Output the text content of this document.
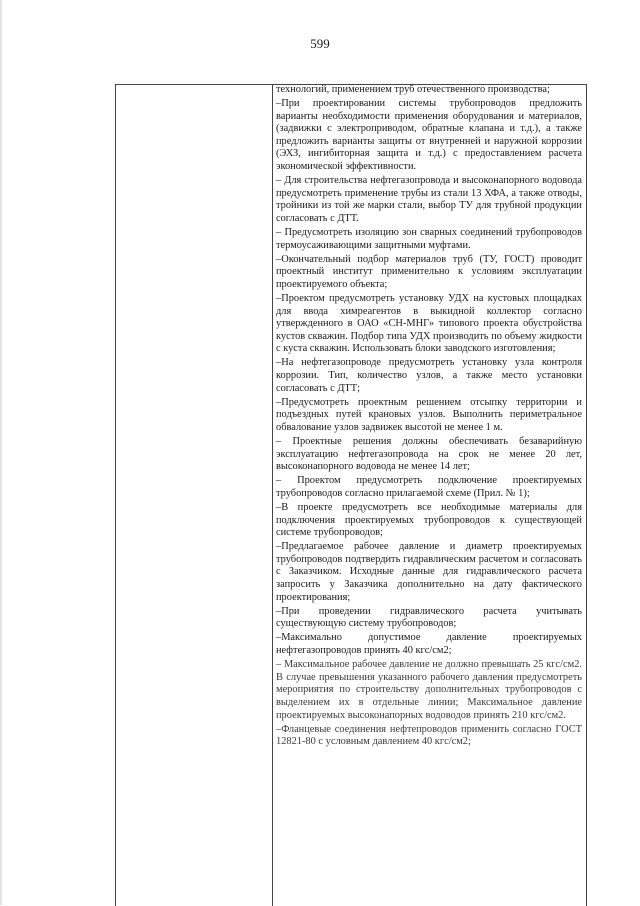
599

технологий, применением труб отечественного производства;

–При проектировании системы трубопроводов предложить варианты необходимости применения оборудования и материалов, (задвижки с электроприводом, обратные клапана и т.д.), а также предложить варианты защиты от внутренней и наружной коррозии (ЭХЗ, ингибиторная защита и т.д.) с предоставлением расчета экономической эффективности.

– Для строительства нефтегазопровода и высоконапорного водовода предусмотреть применение трубы из стали 13 ХФА, а также отводы, тройники из той же марки стали, выбор ТУ для трубной продукции согласовать с ДТТ.

– Предусмотреть изоляцию зон сварных соединений трубопроводов термоусаживающими защитными муфтами.

–Окончательный подбор материалов труб (ТУ, ГОСТ) проводит проектный институт применительно к условиям эксплуатации проектируемого объекта;

–Проектом предусмотреть установку УДХ на кустовых площадках для ввода химреагентов в выкидной коллектор согласно утвержденного в ОАО «СН-МНГ» типового проекта обустройства кустов скважин. Подбор типа УДХ производить по объему жидкости с куста скважин. Использовать блоки заводского изготовления;

–На нефтегазопроводе предусмотреть установку узла контроля коррозии. Тип, количество узлов, а также место установки согласовать с ДТТ;

–Предусмотреть проектным решением отсыпку территории и подъездных путей крановых узлов. Выполнить периметральное обвалование узлов задвижек высотой не менее 1 м.

– Проектные решения должны обеспечивать безаварийную эксплуатацию нефтегазопровода на срок не менее 20 лет, высоконапорного водовода не менее 14 лет;

– Проектом предусмотреть подключение проектируемых трубопроводов согласно прилагаемой схеме (Прил. № 1);

–В проекте предусмотреть все необходимые материалы для подключения проектируемых трубопроводов к существующей системе трубопроводов;

–Предлагаемое рабочее давление и диаметр проектируемых трубопроводов подтвердить гидравлическим расчетом и согласовать с Заказчиком. Исходные данные для гидравлического расчета запросить у Заказчика дополнительно на дату фактического проектирования;

–При проведении гидравлического расчета учитывать существующую систему трубопроводов;

–Максимально допустимое давление проектируемых нефтегазопроводов принять 40 кгс/см2;

– Максимальное рабочее давление не должно превышать 25 кгс/см2. В случае превышения указанного рабочего давления предусмотреть мероприятия по строительству дополнительных трубопроводов с выделением их в отдельные линии; Максимальное давление проектируемых высоконапорных водоводов принять 210 кгс/см2.

–Фланцевые соединения нефтепроводов применить согласно ГОСТ 12821-80 с условным давлением 40 кгс/см2;
